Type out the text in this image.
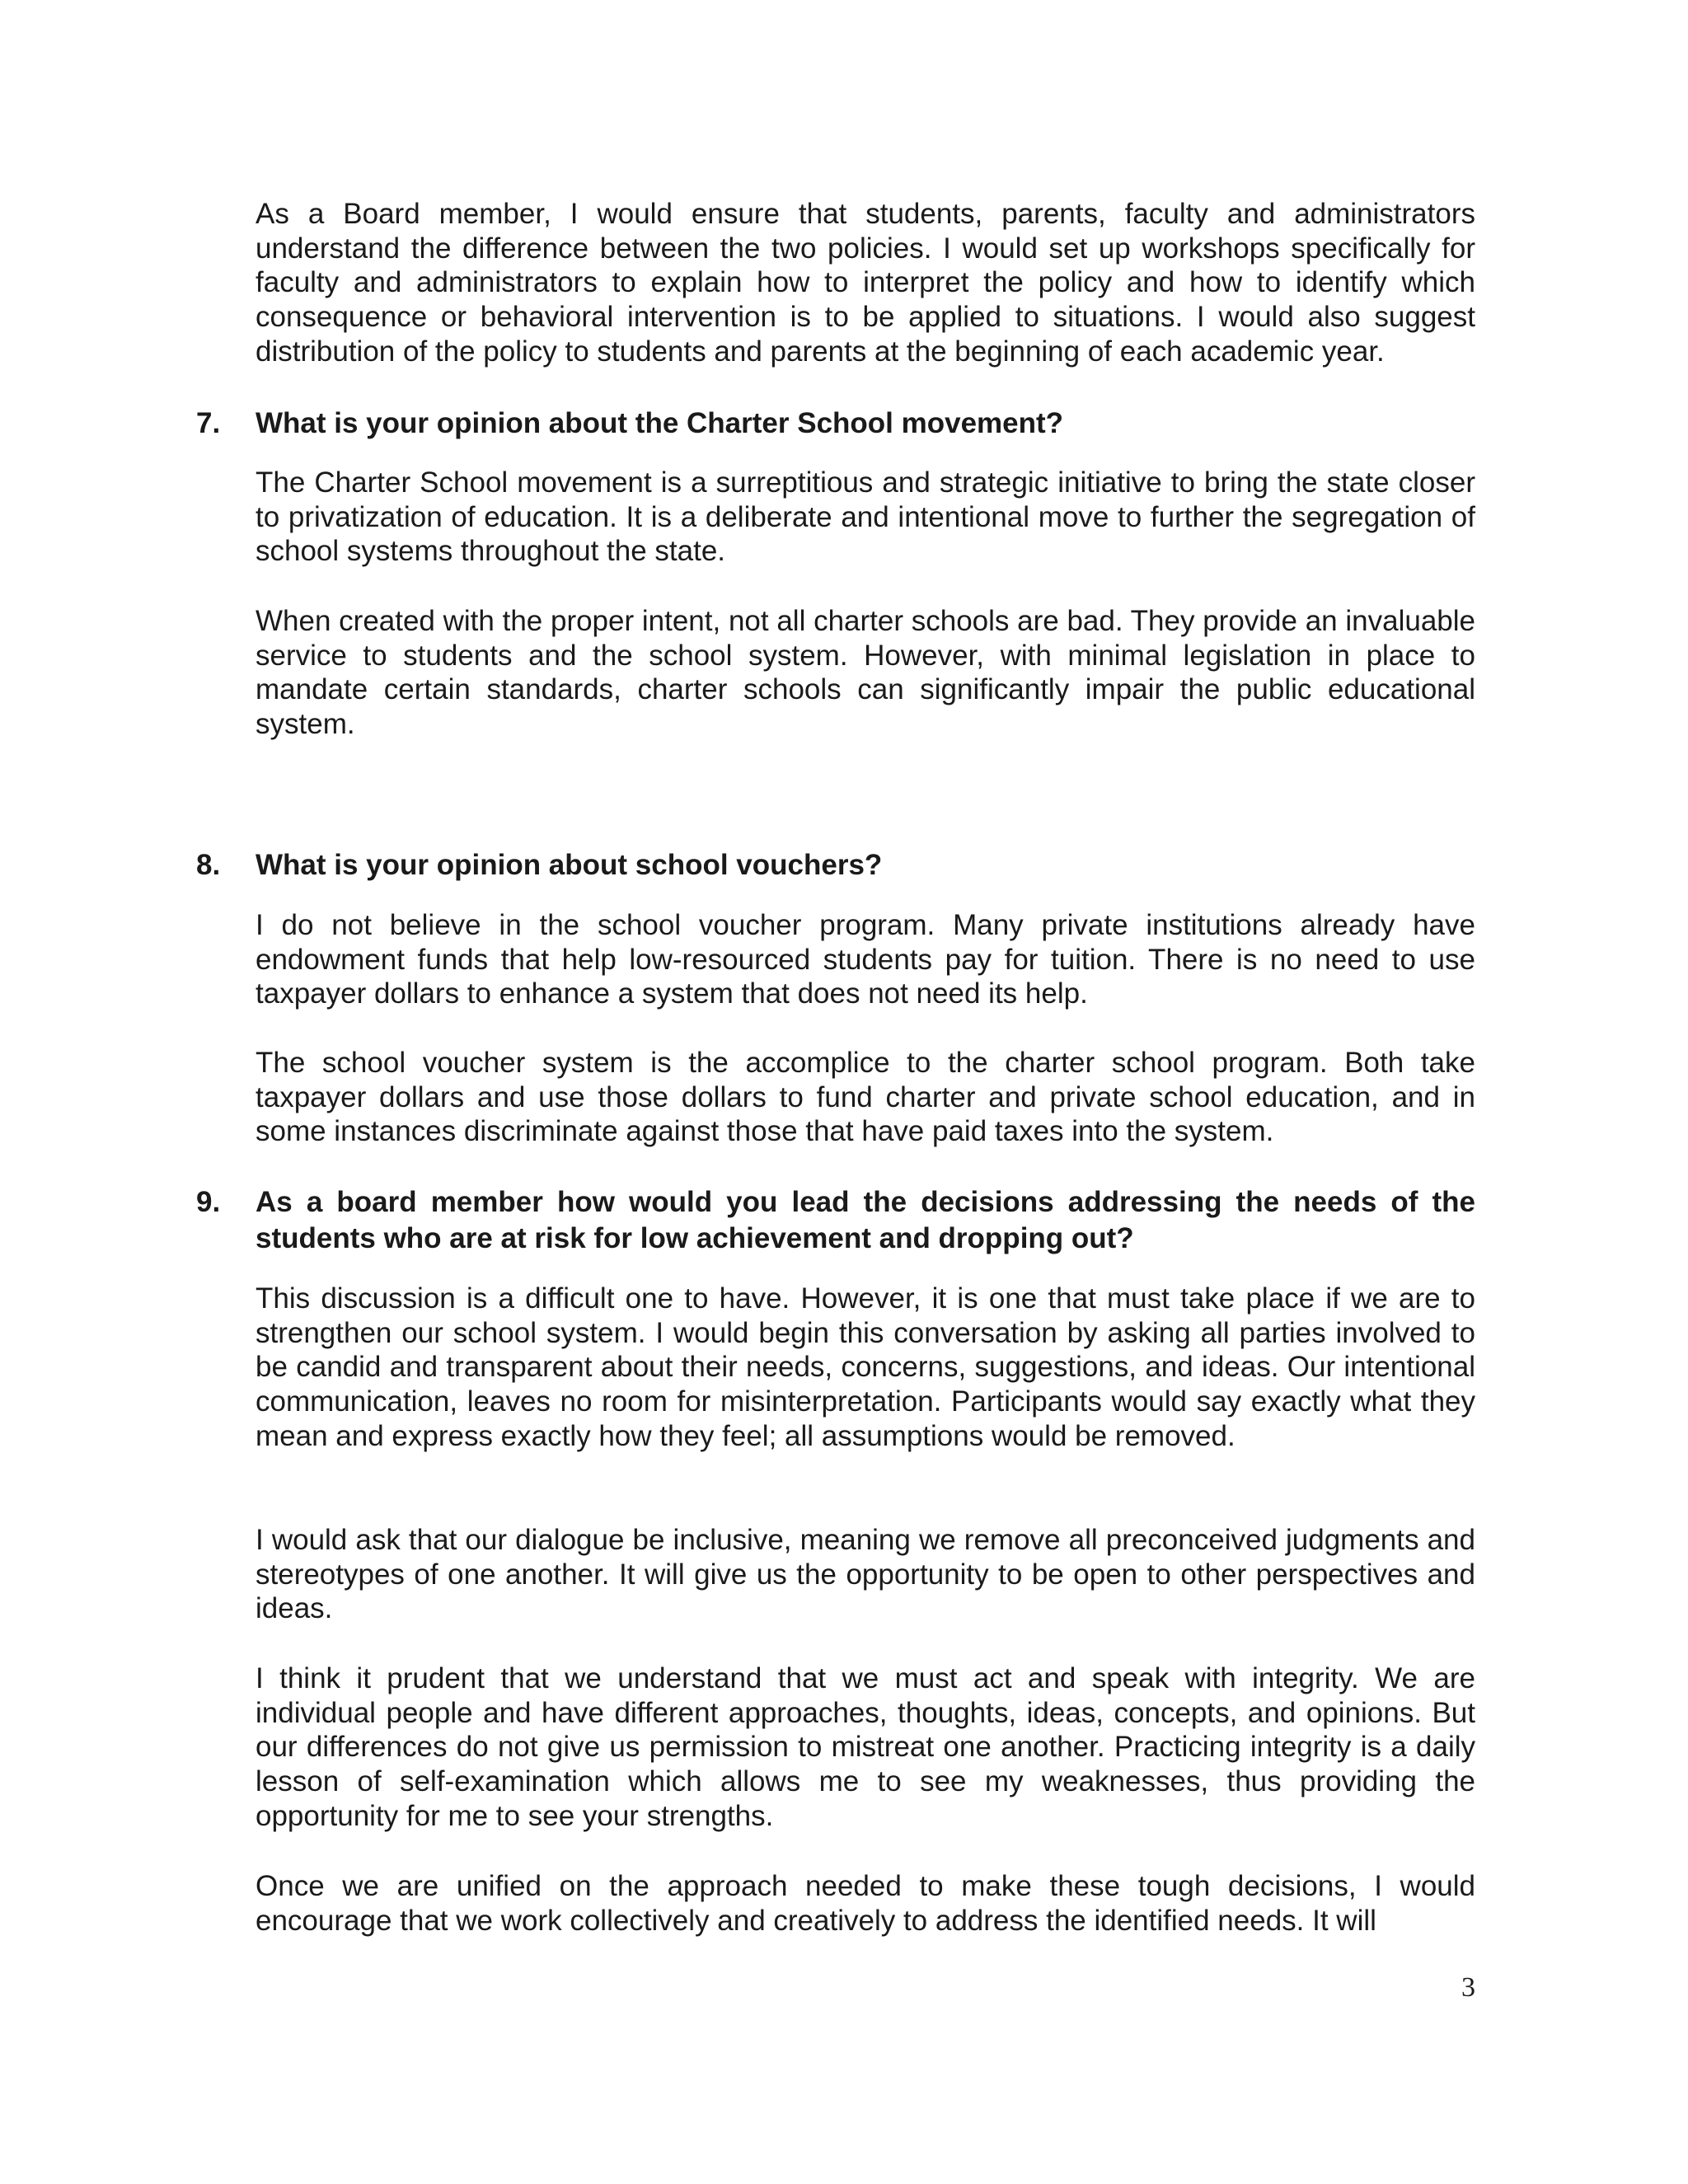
As a Board member, I would ensure that students, parents, faculty and administrators understand the difference between the two policies. I would set up workshops specifically for faculty and administrators to explain how to interpret the policy and how to identify which consequence or behavioral intervention is to be applied to situations. I would also suggest distribution of the policy to students and parents at the beginning of each academic year.

7. What is your opinion about the Charter School movement?

The Charter School movement is a surreptitious and strategic initiative to bring the state closer to privatization of education. It is a deliberate and intentional move to further the segregation of school systems throughout the state.

When created with the proper intent, not all charter schools are bad. They provide an invaluable service to students and the school system. However, with minimal legislation in place to mandate certain standards, charter schools can significantly impair the public educational system.

8. What is your opinion about school vouchers?

I do not believe in the school voucher program. Many private institutions already have endowment funds that help low-resourced students pay for tuition. There is no need to use taxpayer dollars to enhance a system that does not need its help.

The school voucher system is the accomplice to the charter school program. Both take taxpayer dollars and use those dollars to fund charter and private school education, and in some instances discriminate against those that have paid taxes into the system.

9. As a board member how would you lead the decisions addressing the needs of the students who are at risk for low achievement and dropping out?

This discussion is a difficult one to have. However, it is one that must take place if we are to strengthen our school system. I would begin this conversation by asking all parties involved to be candid and transparent about their needs, concerns, suggestions, and ideas. Our intentional communication, leaves no room for misinterpretation. Participants would say exactly what they mean and express exactly how they feel; all assumptions would be removed.

I would ask that our dialogue be inclusive, meaning we remove all preconceived judgments and stereotypes of one another. It will give us the opportunity to be open to other perspectives and ideas.

I think it prudent that we understand that we must act and speak with integrity. We are individual people and have different approaches, thoughts, ideas, concepts, and opinions. But our differences do not give us permission to mistreat one another. Practicing integrity is a daily lesson of self-examination which allows me to see my weaknesses, thus providing the opportunity for me to see your strengths.

Once we are unified on the approach needed to make these tough decisions, I would encourage that we work collectively and creatively to address the identified needs. It will

3
